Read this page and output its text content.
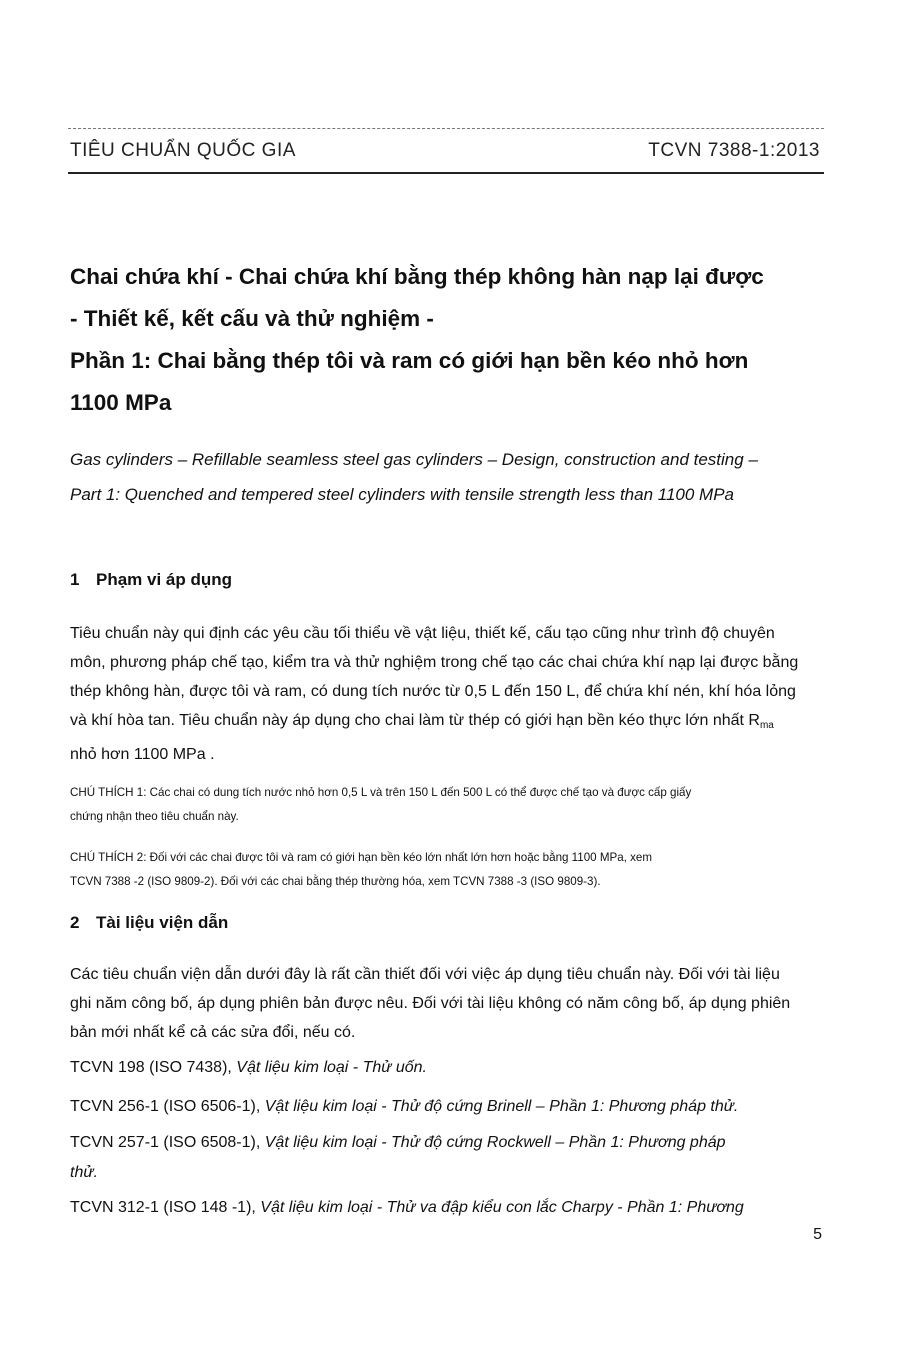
TIÊU CHUẨN QUỐC GIA	TCVN 7388-1:2013
Chai chứa khí - Chai chứa khí bằng thép không hàn nạp lại được
- Thiết kế, kết cấu và thử nghiệm -
Phần 1: Chai bằng thép tôi và ram có giới hạn bền kéo nhỏ hơn
1100 MPa
Gas cylinders – Refillable seamless steel gas cylinders – Design, construction and testing –
Part 1: Quenched and tempered steel cylinders with tensile strength less than 1100 MPa
1 Phạm vi áp dụng
Tiêu chuẩn này qui định các yêu cầu tối thiểu về vật liệu, thiết kế, cấu tạo cũng như trình độ chuyên
môn, phương pháp chế tạo, kiểm tra và thử nghiệm trong chế tạo các chai chứa khí nạp lại được bằng
thép không hàn, được tôi và ram, có dung tích nước từ 0,5 L đến 150 L, để chứa khí nén, khí hóa lỏng
và khí hòa tan. Tiêu chuẩn này áp dụng cho chai làm từ thép có giới hạn bền kéo thực lớn nhất $R_{ma}$
nhỏ hơn 1100 MPa .
CHÚ THÍCH 1: Các chai có dung tích nước nhỏ hơn 0,5 L và trên 150 L đến 500 L có thể được chế tạo và được cấp giấy
chứng nhận theo tiêu chuẩn này.
CHÚ THÍCH 2: Đối với các chai được tôi và ram có giới hạn bền kéo lớn nhất lớn hơn hoặc bằng 1100 MPa, xem
TCVN 7388 -2 (ISO 9809-2). Đối với các chai bằng thép thường hóa, xem TCVN 7388 -3 (ISO 9809-3).
2 Tài liệu viện dẫn
Các tiêu chuẩn viện dẫn dưới đây là rất cần thiết đối với việc áp dụng tiêu chuẩn này. Đối với tài liệu
ghi năm công bố, áp dụng phiên bản được nêu. Đối với tài liệu không có năm công bố, áp dụng phiên
bản mới nhất kể cả các sửa đổi, nếu có.
TCVN 198 (ISO 7438), Vật liệu kim loại - Thử uốn.
TCVN 256-1 (ISO 6506-1), Vật liệu kim loại - Thử độ cứng Brinell – Phần 1: Phương pháp thử.
TCVN 257-1 (ISO 6508-1), Vật liệu kim loại - Thử độ cứng Rockwell – Phần 1: Phương pháp
thử.
TCVN 312-1 (ISO 148 -1), Vật liệu kim loại - Thử va đập kiểu con lắc Charpy - Phần 1: Phương
5
